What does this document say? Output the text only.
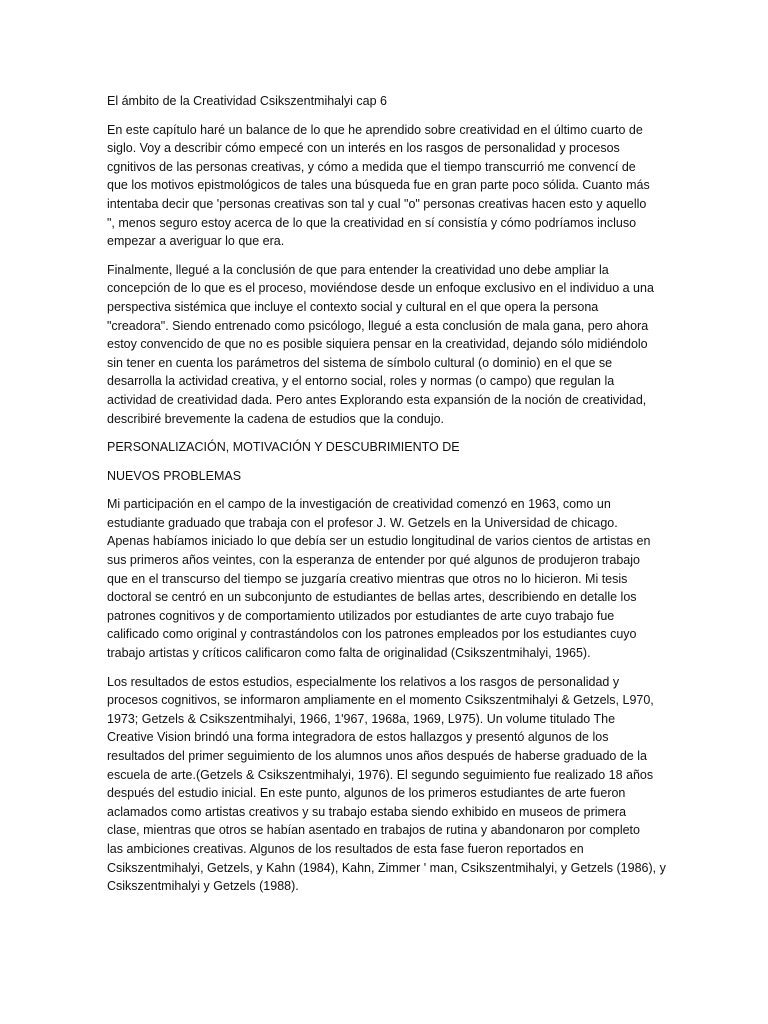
El ámbito de la Creatividad Csikszentmihalyi cap 6
En este capítulo haré un balance de lo que he aprendido sobre creatividad en el último cuarto de
siglo. Voy a describir cómo empecé con un interés en los rasgos de personalidad y procesos
cgnitivos de las personas creativas, y cómo a medida que el tiempo transcurrió me convencí de
que los motivos epistmológicos de tales una búsqueda fue en gran parte poco sólida. Cuanto más
intentaba decir que 'personas creativas son tal y cual "o" personas creativas hacen esto y aquello
", menos seguro estoy acerca de lo que la creatividad en sí consistía y cómo podríamos incluso
empezar a averiguar lo que era.
Finalmente, llegué a la conclusión de que para entender la creatividad uno debe ampliar la
concepción de lo que es el proceso, moviéndose desde un enfoque exclusivo en el individuo a una
perspectiva sistémica que incluye el contexto social y cultural en el que opera la persona
"creadora". Siendo entrenado como psicólogo, llegué a esta conclusión de mala gana, pero ahora
estoy convencido de que no es posible siquiera pensar en la creatividad, dejando sólo midiéndolo
sin tener en cuenta los parámetros del sistema de símbolo cultural (o dominio) en el que se
desarrolla la actividad creativa, y el entorno social, roles y normas (o campo) que regulan la
actividad de creatividad dada. Pero antes Explorando esta expansión de la noción de creatividad,
describiré brevemente la cadena de estudios que la condujo.
PERSONALIZACIÓN, MOTIVACIÓN Y DESCUBRIMIENTO DE
NUEVOS PROBLEMAS
Mi participación en el campo de la investigación de creatividad comenzó en 1963, como un
estudiante graduado que trabaja con el profesor J. W. Getzels en la Universidad de chicago.
Apenas habíamos iniciado lo que debía ser un estudio longitudinal de varios cientos de artistas en
sus primeros años veintes, con la esperanza de entender por qué algunos de produjeron trabajo
que en el transcurso del tiempo se juzgaría creativo mientras que otros no lo hicieron. Mi tesis
doctoral se centró en un subconjunto de estudiantes de bellas artes, describiendo en detalle los
patrones cognitivos y de comportamiento utilizados por estudiantes de arte cuyo trabajo fue
calificado como original y contrastándolos con los patrones empleados por los estudiantes cuyo
trabajo artistas y críticos calificaron como falta de originalidad (Csikszentmihalyi, 1965).
Los resultados de estos estudios, especialmente los relativos a los rasgos de personalidad y
procesos cognitivos, se informaron ampliamente en el momento Csikszentmihalyi & Getzels, L970,
1973; Getzels & Csikszentmihalyi, 1966, 1'967, 1968a, 1969, L975). Un volume titulado The
Creative Vision brindó una forma integradora de estos hallazgos y presentó algunos de los
resultados del primer seguimiento de los alumnos unos años después de haberse graduado de la
escuela de arte.(Getzels & Csikszentmihalyi, 1976). El segundo seguimiento fue realizado 18 años
después del estudio inicial. En este punto, algunos de los primeros estudiantes de arte fueron
aclamados como artistas creativos y su trabajo estaba siendo exhibido en museos de primera
clase, mientras que otros se habían asentado en trabajos de rutina y abandonaron por completo
las ambiciones creativas. Algunos de los resultados de esta fase fueron reportados en
Csikszentmihalyi, Getzels, y Kahn (1984), Kahn, Zimmer ' man, Csikszentmihalyi, y Getzels (1986), y
Csikszentmihalyi y Getzels (1988).
